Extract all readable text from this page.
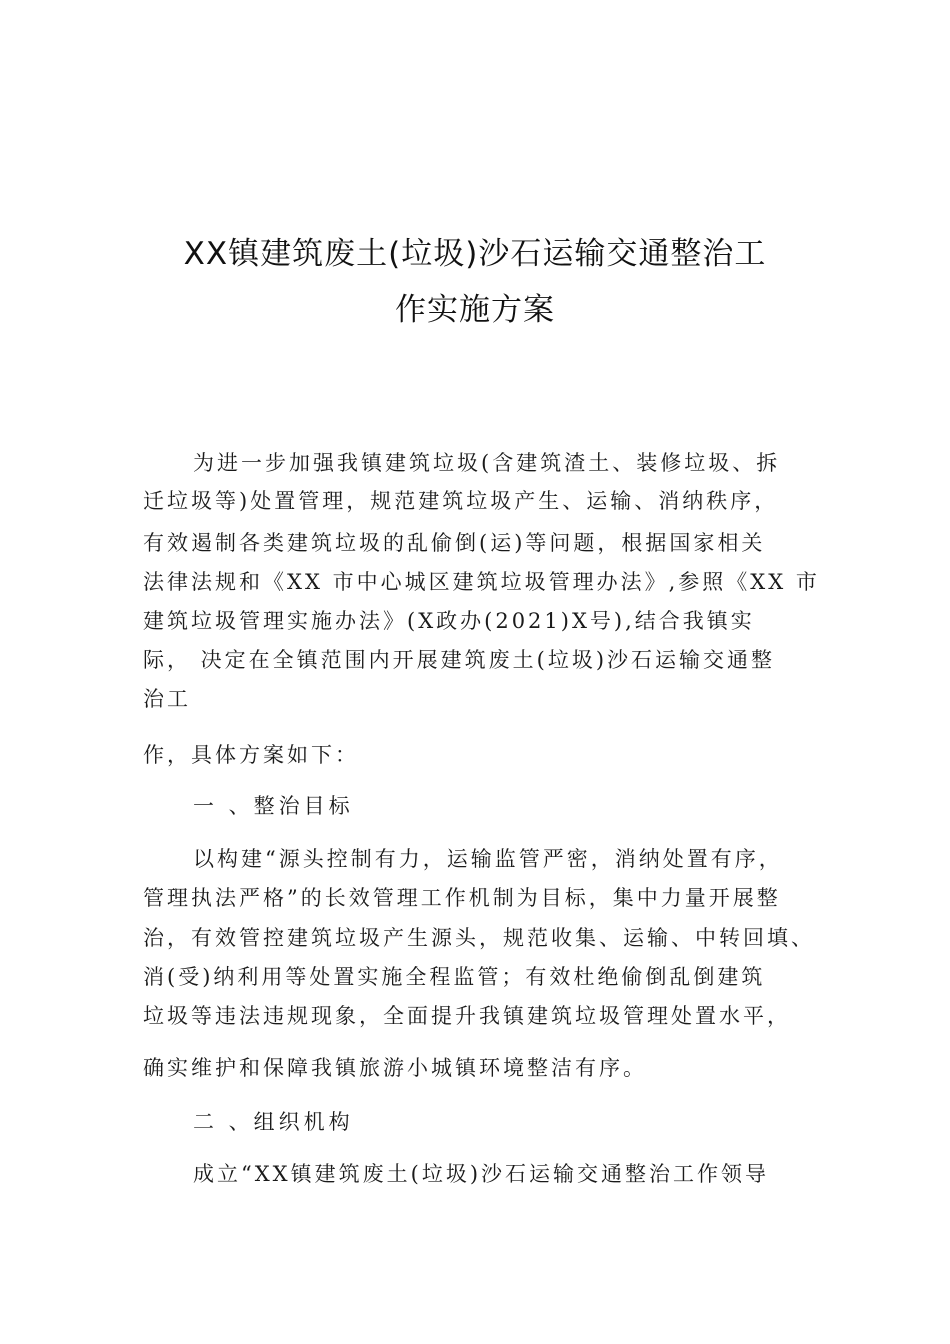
XX镇建筑废土(垃圾)沙石运输交通整治工
作实施方案
为进一步加强我镇建筑垃圾(含建筑渣土、装修垃圾、拆
迁垃圾等)处置管理，规范建筑垃圾产生、运输、消纳秩序，
有效遏制各类建筑垃圾的乱偷倒(运)等问题，根据国家相关
法律法规和《XX 市中心城区建筑垃圾管理办法》,参照《XX 市
建筑垃圾管理实施办法》(X政办(2021)X号),结合我镇实
际， 决定在全镇范围内开展建筑废土(垃圾)沙石运输交通整
治工
作，具体方案如下：
一 、整治目标
以构建“源头控制有力，运输监管严密，消纳处置有序，
管理执法严格”的长效管理工作机制为目标，集中力量开展整
治，有效管控建筑垃圾产生源头，规范收集、运输、中转回填、
消(受)纳利用等处置实施全程监管；有效杜绝偷倒乱倒建筑
垃圾等违法违规现象，全面提升我镇建筑垃圾管理处置水平，
确实维护和保障我镇旅游小城镇环境整洁有序。
二 、组织机构
成立“XX镇建筑废土(垃圾)沙石运输交通整治工作领导
